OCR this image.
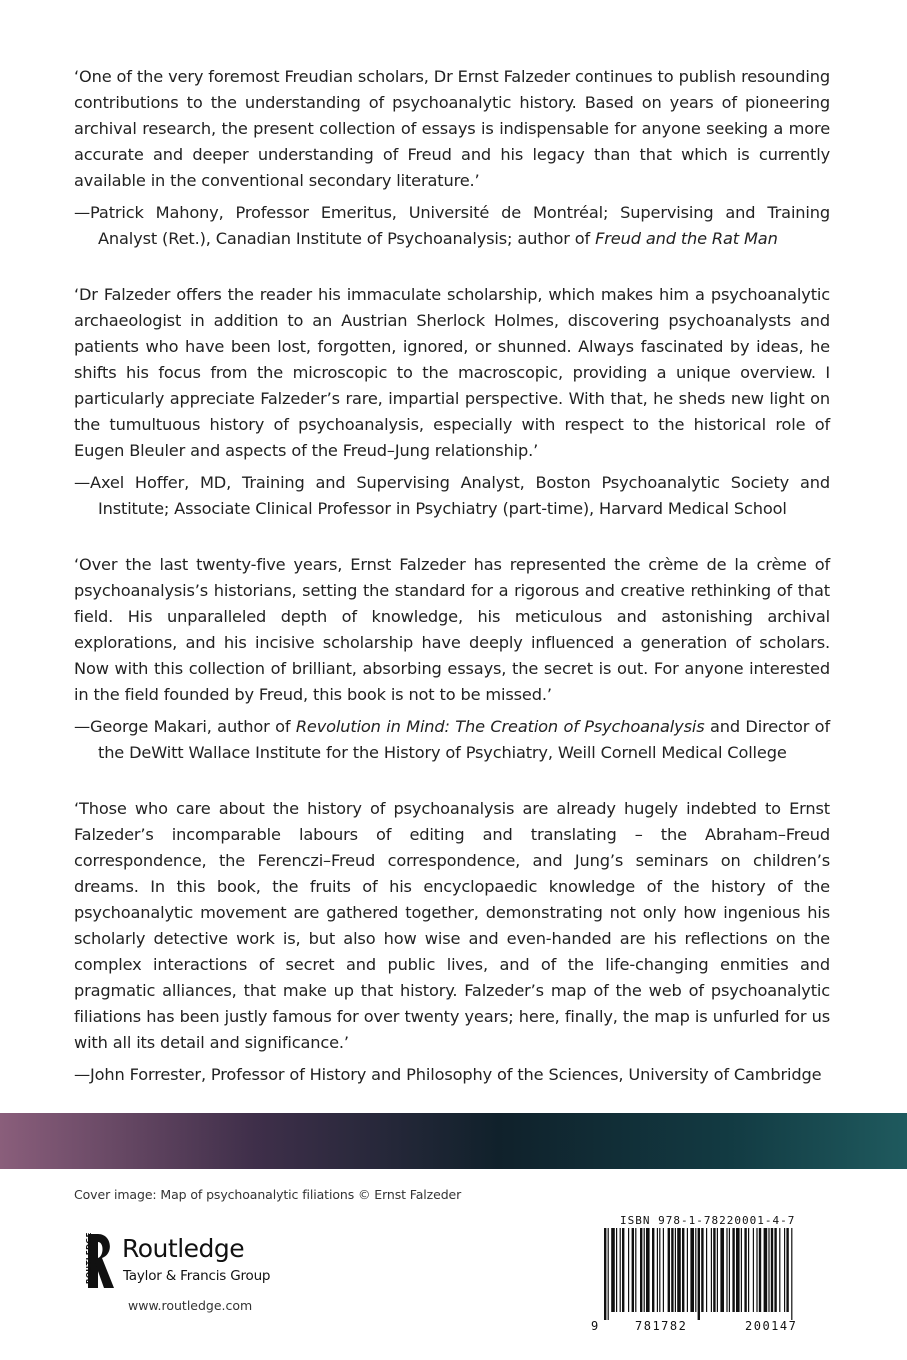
‘One of the very foremost Freudian scholars, Dr Ernst Falzeder continues to publish resounding contributions to the understanding of psychoanalytic history. Based on years of pioneering archival research, the present collection of essays is indispensable for anyone seeking a more accurate and deeper understanding of Freud and his legacy than that which is currently available in the conventional secondary literature.’

—Patrick Mahony, Professor Emeritus, Université de Montréal; Supervising and Training Analyst (Ret.), Canadian Institute of Psychoanalysis; author of Freud and the Rat Man

‘Dr Falzeder offers the reader his immaculate scholarship, which makes him a psychoanalytic archaeologist in addition to an Austrian Sherlock Holmes, discovering psychoanalysts and patients who have been lost, forgotten, ignored, or shunned. Always fascinated by ideas, he shifts his focus from the microscopic to the macroscopic, providing a unique overview. I particularly appreciate Falzeder’s rare, impartial perspective. With that, he sheds new light on the tumultuous history of psychoanalysis, especially with respect to the historical role of Eugen Bleuler and aspects of the Freud–Jung relationship.’

—Axel Hoffer, MD, Training and Supervising Analyst, Boston Psychoanalytic Society and Institute; Associate Clinical Professor in Psychiatry (part-time), Harvard Medical School

‘Over the last twenty-five years, Ernst Falzeder has represented the crème de la crème of psychoanalysis’s historians, setting the standard for a rigorous and creative rethinking of that field. His unparalleled depth of knowledge, his meticulous and astonishing archival explorations, and his incisive scholarship have deeply influenced a generation of scholars. Now with this collection of brilliant, absorbing essays, the secret is out. For anyone interested in the field founded by Freud, this book is not to be missed.’

—George Makari, author of Revolution in Mind: The Creation of Psychoanalysis and Director of the DeWitt Wallace Institute for the History of Psychiatry, Weill Cornell Medical College

‘Those who care about the history of psychoanalysis are already hugely indebted to Ernst Falzeder’s incomparable labours of editing and translating – the Abraham–Freud correspondence, the Ferenczi–Freud correspondence, and Jung’s seminars on children’s dreams. In this book, the fruits of his encyclopaedic knowledge of the history of the psychoanalytic movement are gathered together, demonstrating not only how ingenious his scholarly detective work is, but also how wise and even-handed are his reflections on the complex interactions of secret and public lives, and of the life-changing enmities and pragmatic alliances, that make up that history. Falzeder’s map of the web of psychoanalytic filiations has been justly famous for over twenty years; here, finally, the map is unfurled for us with all its detail and significance.’

—John Forrester, Professor of History and Philosophy of the Sciences, University of Cambridge

Cover image: Map of psychoanalytic filiations © Ernst Falzeder
ROUTLEDGE Routledge
Taylor & Francis Group
www.routledge.com
ISBN 978-1-78220001-4-7
9	781782	200147
